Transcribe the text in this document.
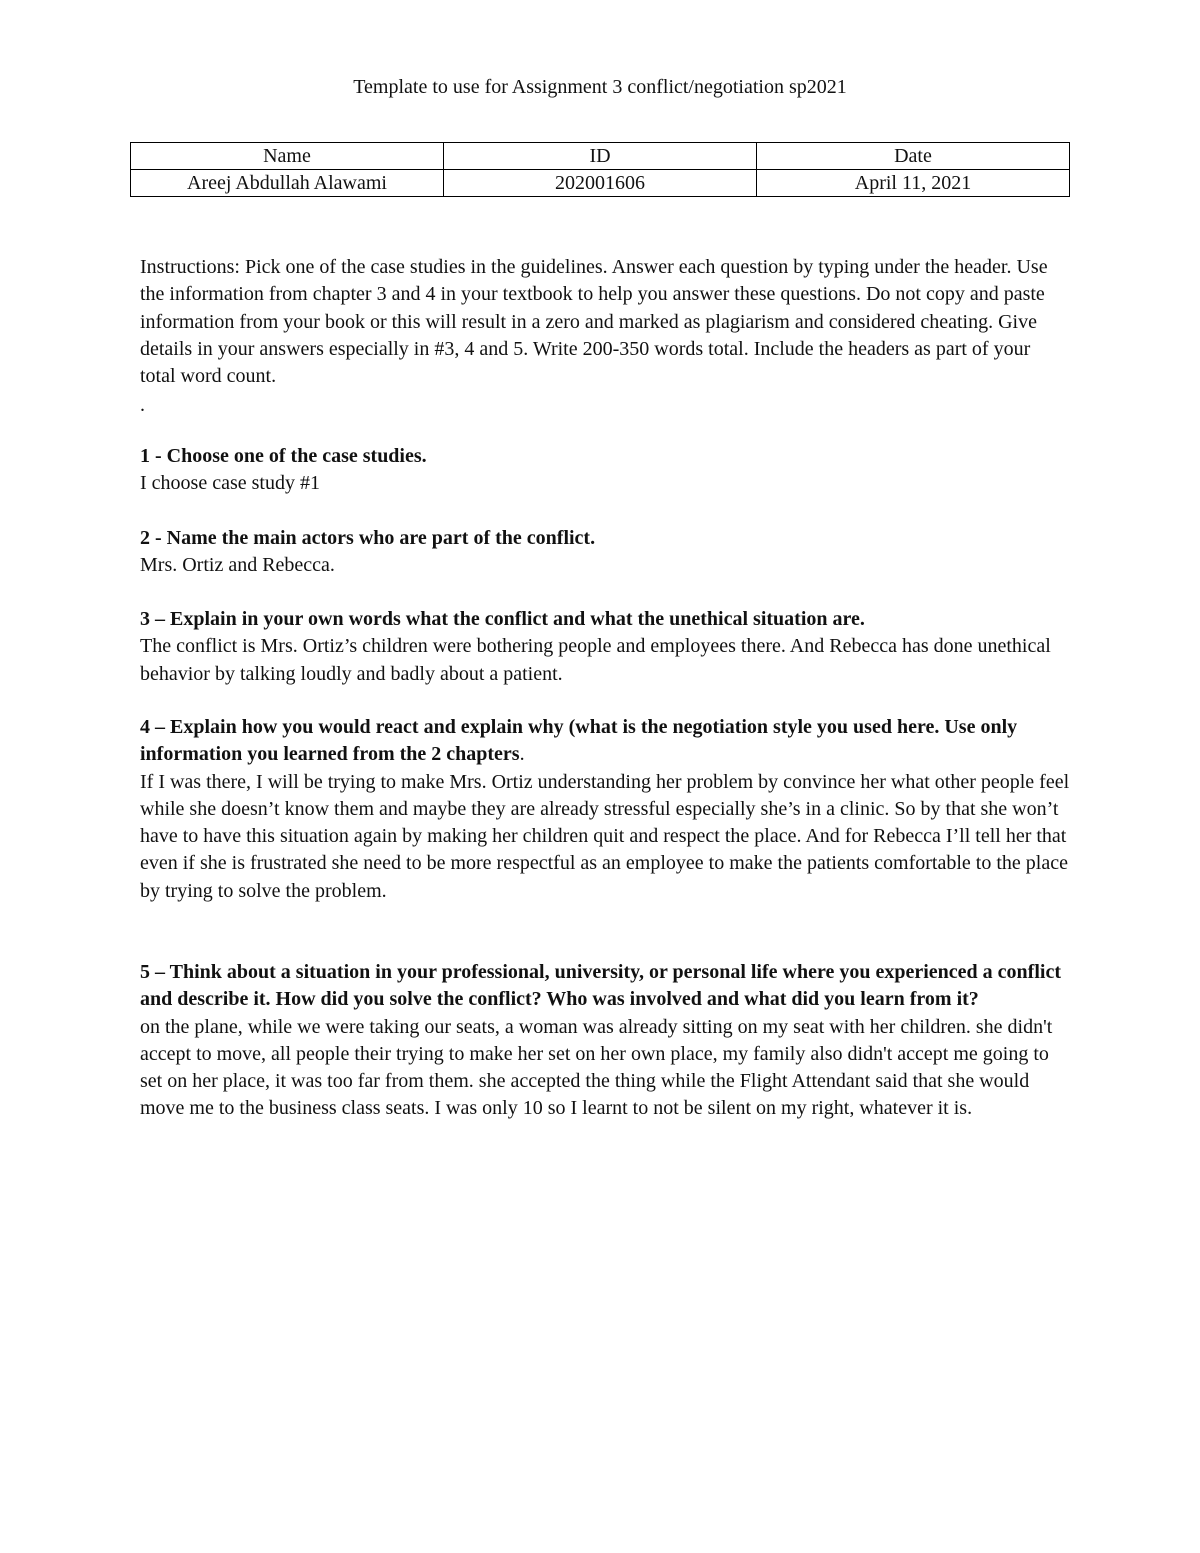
Template to use for Assignment 3 conflict/negotiation sp2021
Name	ID	Date
Areej Abdullah Alawami	202001606	April 11, 2021

Instructions: Pick one of the case studies in the guidelines. Answer each question by typing under the header. Use the information from chapter 3 and 4 in your textbook to help you answer these questions. Do not copy and paste information from your book or this will result in a zero and marked as plagiarism and considered cheating. Give details in your answers especially in #3, 4 and 5. Write 200-350 words total. Include the headers as part of your total word count.

.

1 - Choose one of the case studies.

I choose case study #1

2 - Name the main actors who are part of the conflict.

Mrs. Ortiz and Rebecca.

3 – Explain in your own words what the conflict and what the unethical situation are.

The conflict is Mrs. Ortiz’s children were bothering people and employees there. And Rebecca has done unethical behavior by talking loudly and badly about a patient.

4 – Explain how you would react and explain why (what is the negotiation style you used here. Use only information you learned from the 2 chapters.

If I was there, I will be trying to make Mrs. Ortiz understanding her problem by convince her what other people feel while she doesn’t know them and maybe they are already stressful especially she’s in a clinic. So by that she won’t have to have this situation again by making her children quit and respect the place. And for Rebecca I’ll tell her that even if she is frustrated she need to be more respectful as an employee to make the patients comfortable to the place by trying to solve the problem.

5 – Think about a situation in your professional, university, or personal life where you experienced a conflict and describe it. How did you solve the conflict? Who was involved and what did you learn from it?

on the plane, while we were taking our seats, a woman was already sitting on my seat with her children. she didn't accept to move, all people their trying to make her set on her own place, my family also didn't accept me going to set on her place, it was too far from them. she accepted the thing while the Flight Attendant said that she would move me to the business class seats. I was only 10 so I learnt to not be silent on my right, whatever it is.
